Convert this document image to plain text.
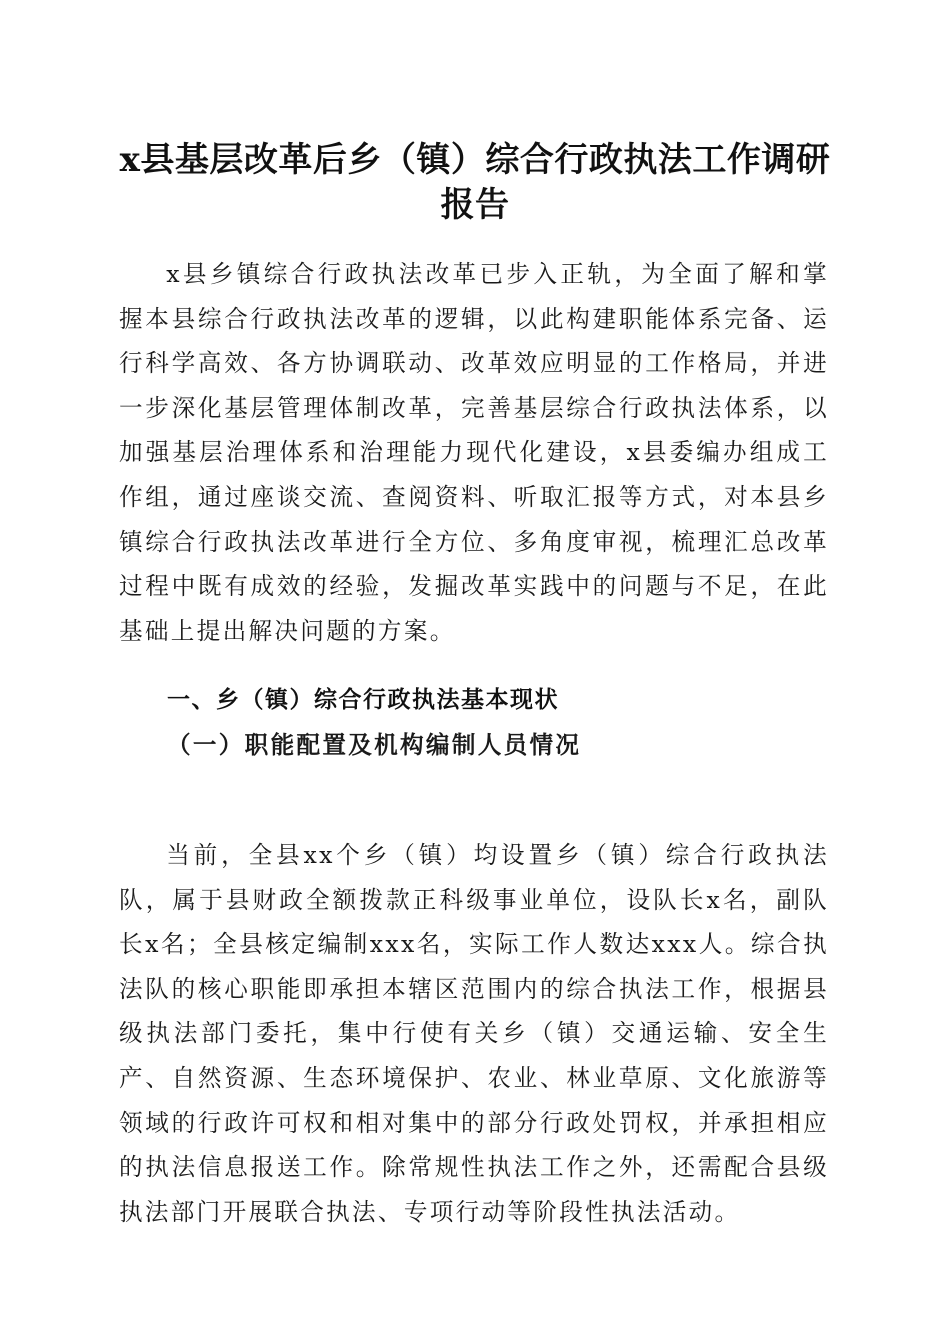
x县基层改革后乡（镇）综合行政执法工作调研报告

x县乡镇综合行政执法改革已步入正轨，为全面了解和掌握本县综合行政执法改革的逻辑，以此构建职能体系完备、运行科学高效、各方协调联动、改革效应明显的工作格局，并进一步深化基层管理体制改革，完善基层综合行政执法体系，以加强基层治理体系和治理能力现代化建设，x县委编办组成工作组，通过座谈交流、查阅资料、听取汇报等方式，对本县乡镇综合行政执法改革进行全方位、多角度审视，梳理汇总改革过程中既有成效的经验，发掘改革实践中的问题与不足，在此基础上提出解决问题的方案。

一、乡（镇）综合行政执法基本现状
（一）职能配置及机构编制人员情况

当前，全县xx个乡（镇）均设置乡（镇）综合行政执法队，属于县财政全额拨款正科级事业单位，设队长x名，副队长x名；全县核定编制xxx名，实际工作人数达xxx人。综合执法队的核心职能即承担本辖区范围内的综合执法工作，根据县级执法部门委托，集中行使有关乡（镇）交通运输、安全生产、自然资源、生态环境保护、农业、林业草原、文化旅游等领域的行政许可权和相对集中的部分行政处罚权，并承担相应的执法信息报送工作。除常规性执法工作之外，还需配合县级执法部门开展联合执法、专项行动等阶段性执法活动。
